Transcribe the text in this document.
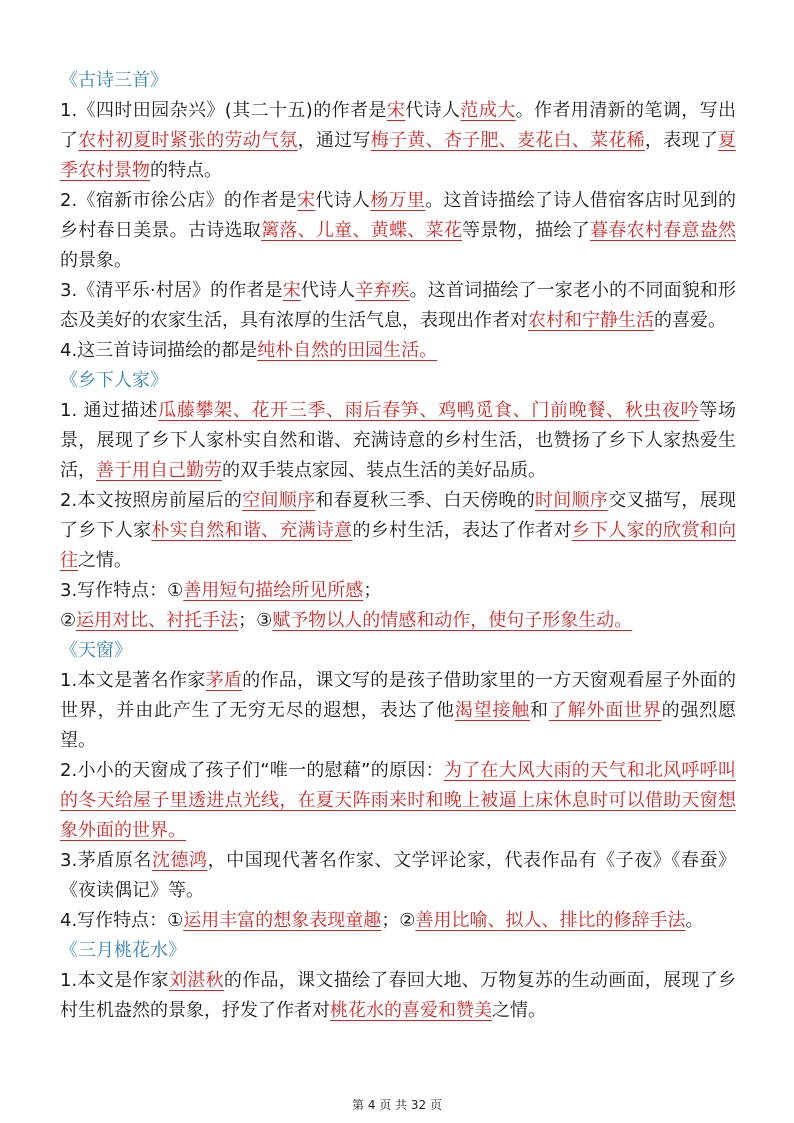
《古诗三首》
1.《四时田园杂兴》(其二十五)的作者是宋代诗人范成大。作者用清新的笔调，写出了农村初夏时紧张的劳动气氛，通过写梅子黄、杏子肥、麦花白、菜花稀，表现了夏季农村景物的特点。
2.《宿新市徐公店》的作者是宋代诗人杨万里。这首诗描绘了诗人借宿客店时见到的乡村春日美景。古诗选取篱落、儿童、黄蝶、菜花等景物，描绘了暮春农村春意盎然的景象。
3.《清平乐·村居》的作者是宋代诗人辛弃疾。这首词描绘了一家老小的不同面貌和形态及美好的农家生活，具有浓厚的生活气息，表现出作者对农村和宁静生活的喜爱。
4.这三首诗词描绘的都是纯朴自然的田园生活。
《乡下人家》
1. 通过描述瓜藤攀架、花开三季、雨后春笋、鸡鸭觅食、门前晚餐、秋虫夜吟等场景，展现了乡下人家朴实自然和谐、充满诗意的乡村生活，也赞扬了乡下人家热爱生活，善于用自己勤劳的双手装点家园、装点生活的美好品质。
2.本文按照房前屋后的空间顺序和春夏秋三季、白天傍晚的时间顺序交叉描写，展现了乡下人家朴实自然和谐、充满诗意的乡村生活，表达了作者对乡下人家的欣赏和向往之情。
3.写作特点：①善用短句描绘所见所感；
②运用对比、衬托手法；③赋予物以人的情感和动作，使句子形象生动。
《天窗》
1.本文是著名作家茅盾的作品，课文写的是孩子借助家里的一方天窗观看屋子外面的世界，并由此产生了无穷无尽的遐想，表达了他渴望接触和了解外面世界的强烈愿望。
2.小小的天窗成了孩子们“唯一的慰藉”的原因：为了在大风大雨的天气和北风呼呼叫的冬天给屋子里透进点光线，在夏天阵雨来时和晚上被逼上床休息时可以借助天窗想象外面的世界。
3.茅盾原名沈德鸿，中国现代著名作家、文学评论家，代表作品有《子夜》《春蚕》《夜读偶记》等。
4.写作特点：①运用丰富的想象表现童趣；②善用比喻、拟人、排比的修辞手法。
《三月桃花水》
1.本文是作家刘湛秋的作品，课文描绘了春回大地、万物复苏的生动画面，展现了乡村生机盎然的景象，抒发了作者对桃花水的喜爱和赞美之情。
第 4 页 共 32 页
